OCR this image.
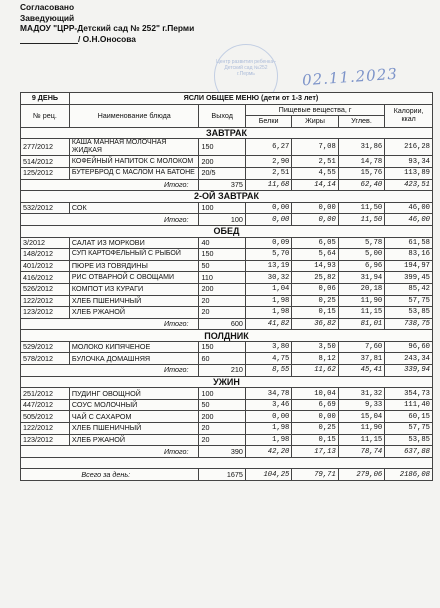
Согласовано
Заведующий
МАДОУ "ЦРР-Детский сад № 252" г.Перми
/ О.Н.Оносова
Центр развития ребенка–Детский сад №252 г.Пермь	02.11.2023
9 ДЕНЬ	ЯСЛИ ОБЩЕЕ МЕНЮ (дети от 1-3 лет)					
№ рец.	Наименование блюда	Выход	Пищевые вещества, г			Калории, ккал
			Белки	Жиры	Углев.	
ЗАВТРАК						
277/2012	КАША МАННАЯ МОЛОЧНАЯ ЖИДКАЯ	150	6,27	7,08	31,86	216,28
514/2012	КОФЕЙНЫЙ НАПИТОК С МОЛОКОМ	200	2,90	2,51	14,78	93,34
125/2012	БУТЕРБРОД С МАСЛОМ НА БАТОНЕ	20/5	2,51	4,55	15,76	113,89
Итого:		375	11,68	14,14	62,40	423,51
2-ОЙ ЗАВТРАК						
532/2012	СОК	100	0,00	0,00	11,50	46,00
Итого:		100	0,00	0,00	11,50	46,00
ОБЕД						
3/2012	САЛАТ ИЗ МОРКОВИ	40	0,09	6,05	5,78	61,58
148/2012	СУП КАРТОФЕЛЬНЫЙ С РЫБОЙ	150	5,70	5,64	5,00	83,16
401/2012	ПЮРЕ ИЗ ГОВЯДИНЫ	50	13,19	14,93	6,96	194,97
416/2012	РИС ОТВАРНОЙ С ОВОЩАМИ	110	30,32	25,82	31,94	399,45
526/2012	КОМПОТ ИЗ КУРАГИ	200	1,04	0,06	20,18	85,42
122/2012	ХЛЕБ ПШЕНИЧНЫЙ	20	1,98	0,25	11,90	57,75
123/2012	ХЛЕБ РЖАНОЙ	20	1,98	0,15	11,15	53,85
Итого:		600	41,82	36,82	81,01	738,75
ПОЛДНИК						
529/2012	МОЛОКО КИПЯЧЕНОЕ	150	3,80	3,50	7,60	96,60
578/2012	БУЛОЧКА ДОМАШНЯЯ	60	4,75	8,12	37,81	243,34
Итого:		210	8,55	11,62	45,41	339,94
УЖИН						
251/2012	ПУДИНГ ОВОЩНОЙ	100	34,78	10,04	31,32	354,73
447/2012	СОУС МОЛОЧНЫЙ	50	3,46	6,69	9,33	111,40
505/2012	ЧАЙ С САХАРОМ	200	0,00	0,00	15,04	60,15
122/2012	ХЛЕБ ПШЕНИЧНЫЙ	20	1,98	0,25	11,90	57,75
123/2012	ХЛЕБ РЖАНОЙ	20	1,98	0,15	11,15	53,85
Итого:		390	42,20	17,13	78,74	637,88

Всего за день:		1675	104,25	79,71	279,06	2186,08
